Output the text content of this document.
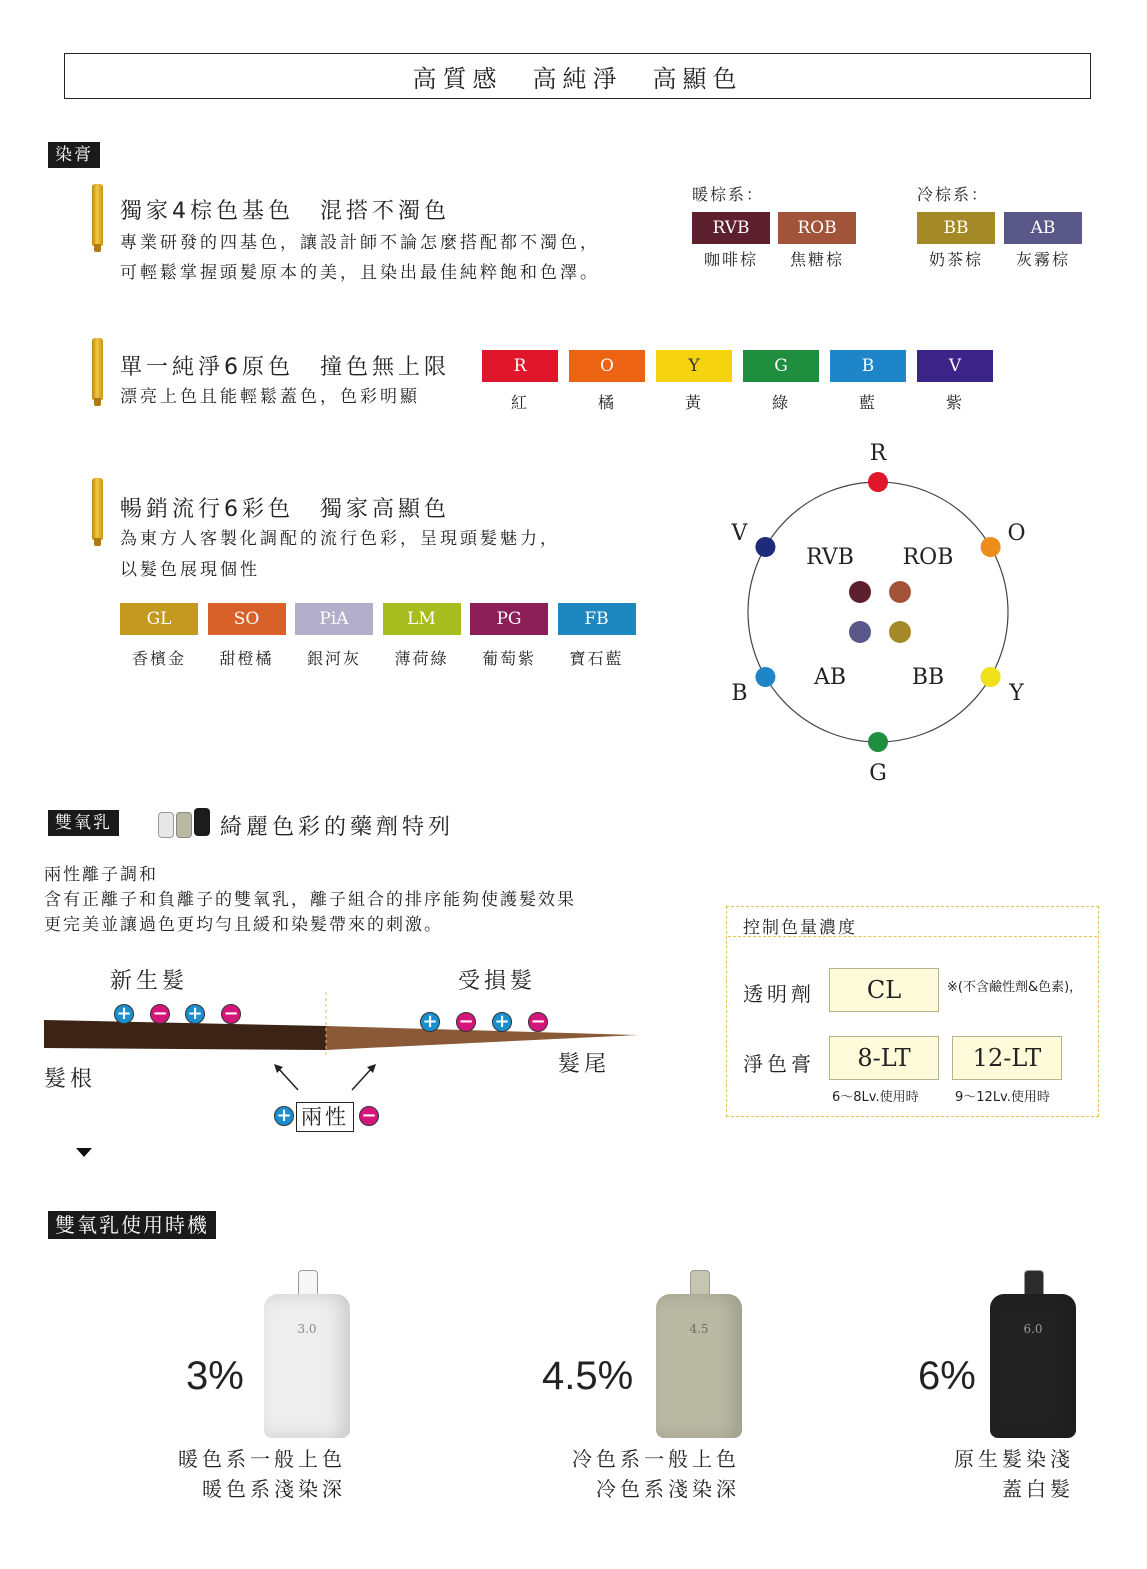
高質感　高純淨　高顯色
染膏
獨家4棕色基色　混搭不濁色
專業研發的四基色，讓設計師不論怎麼搭配都不濁色，
可輕鬆掌握頭髮原本的美，且染出最佳純粹飽和色澤。
暖棕系：	冷棕系：
RVB
咖啡棕
ROB
焦糖棕
BB
奶茶棕
AB
灰霧棕
單一純淨6原色　撞色無上限
漂亮上色且能輕鬆蓋色，色彩明顯
R
紅
O
橘
Y
黃
G
綠
B
藍
V
紫
暢銷流行6彩色　獨家高顯色
為東方人客製化調配的流行色彩，呈現頭髮魅力，
以髮色展現個性
GL
香檳金
SO
甜橙橘
PiA
銀河灰
LM
薄荷綠
PG
葡萄紫
FB
寶石藍
R
O
Y
G
B
V
RVB ROB
AB	BB
雙氧乳	綺麗色彩的藥劑特列
兩性離子調和
含有正離子和負離子的雙氧乳，離子組合的排序能夠使護髮效果
更完美並讓過色更均勻且緩和染髮帶來的刺激。
新生髮	受損髮
+ − + −	+ − + −
髮根
髮尾
+ 兩性 −
控制色量濃度
透明劑	CL	※(不含鹼性劑&色素)，
淨色膏	8-LT	12-LT
6～8Lv.使用時	9～12Lv.使用時
雙氧乳使用時機
3.0
3%
暖色系一般上色
暖色系淺染深
4.5
4.5%
冷色系一般上色
冷色系淺染深
6.0
6%
原生髮染淺
蓋白髮
